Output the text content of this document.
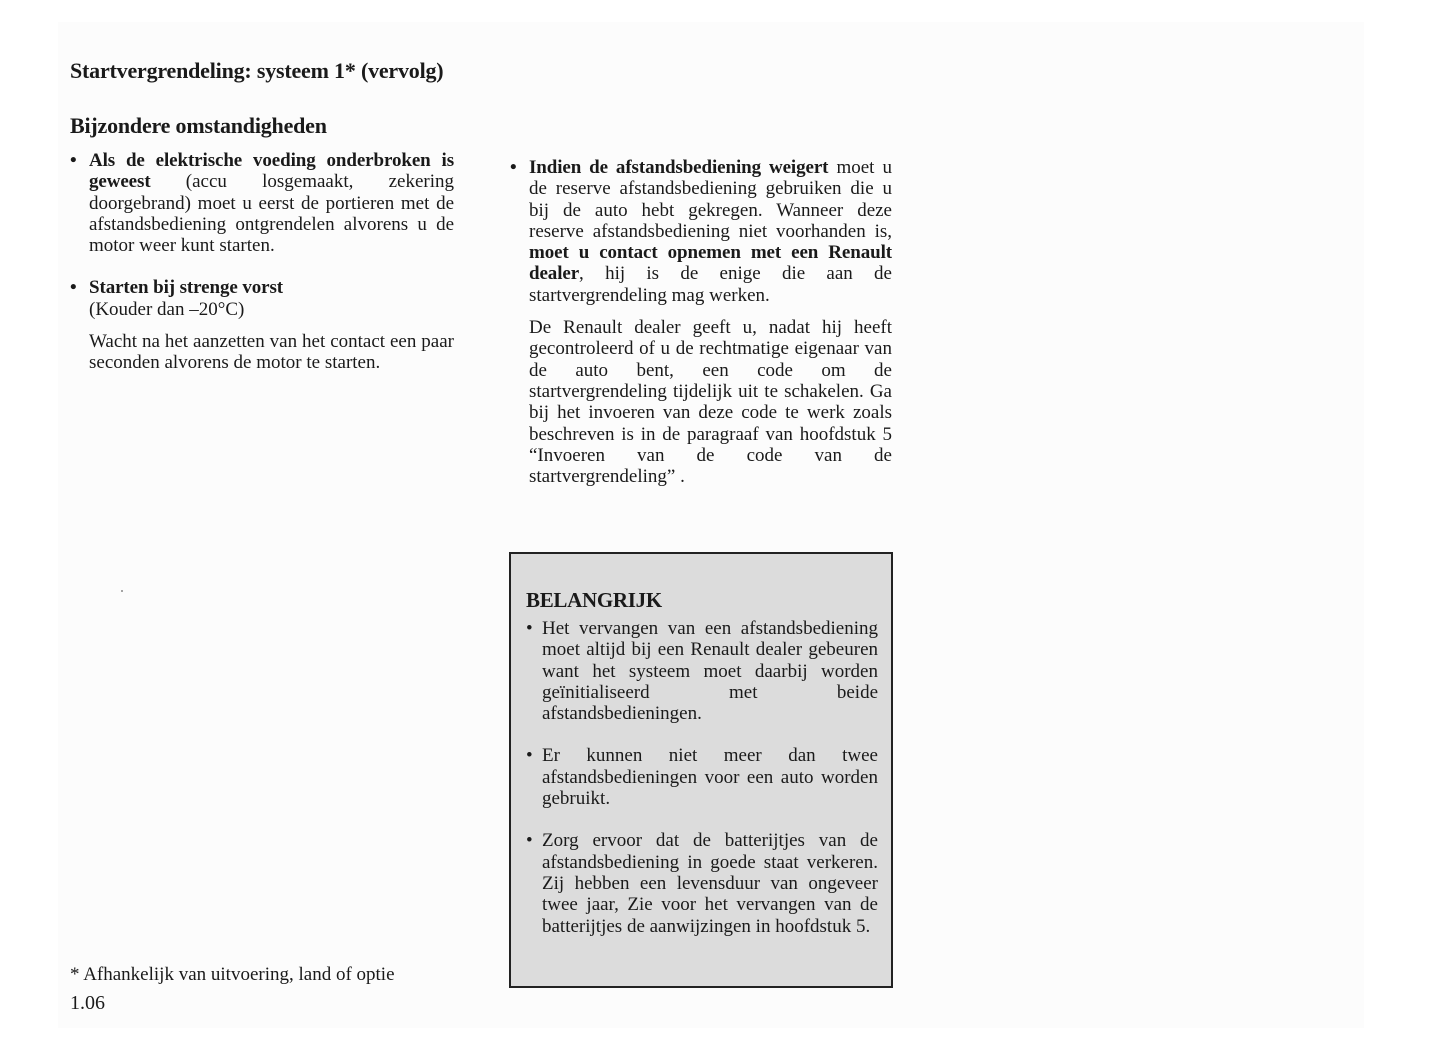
Startvergrendeling: systeem 1* (vervolg)
Bijzondere omstandigheden
• Als de elektrische voeding onderbroken is geweest (accu losgemaakt, zekering doorgebrand) moet u eerst de portieren met de afstandsbediening ontgrendelen alvorens u de motor weer kunt starten.
• Starten bij strenge vorst
(Kouder dan –20°C)
Wacht na het aanzetten van het contact een paar seconden alvorens de motor te starten.
• Indien de afstandsbediening weigert moet u de reserve afstandsbediening gebruiken die u bij de auto hebt gekregen. Wanneer deze reserve afstandsbediening niet voorhanden is, moet u contact opnemen met een Renault dealer, hij is de enige die aan de startvergrendeling mag werken.
De Renault dealer geeft u, nadat hij heeft gecontroleerd of u de rechtmatige eigenaar van de auto bent, een code om de startvergrendeling tijdelijk uit te schakelen. Ga bij het invoeren van deze code te werk zoals beschreven is in de paragraaf van hoofdstuk 5 “Invoeren van de code van de startvergrendeling” .
BELANGRIJK
• Het vervangen van een afstandsbediening moet altijd bij een Renault dealer gebeuren want het systeem moet daarbij worden geïnitialiseerd met beide afstandsbedieningen.
• Er kunnen niet meer dan twee afstandsbedieningen voor een auto worden gebruikt.
• Zorg ervoor dat de batterijtjes van de afstandsbediening in goede staat verkeren. Zij hebben een levensduur van ongeveer twee jaar, Zie voor het vervangen van de batterijtjes de aanwijzingen in hoofdstuk 5.
* Afhankelijk van uitvoering, land of optie
1.06
